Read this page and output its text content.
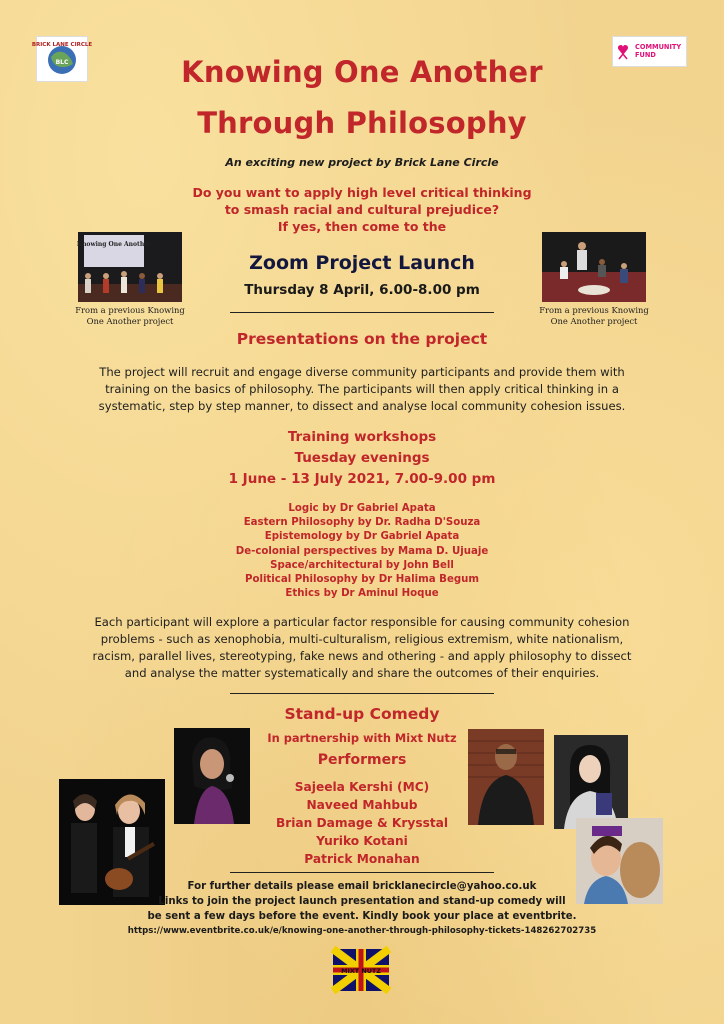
BRICK LANE CIRCLE
BLC
COMMUNITY FUND
Knowing One Another
Through Philosophy
An exciting new project by Brick Lane Circle
Do you want to apply high level critical thinking
to smash racial and cultural prejudice?
If yes, then come to the
Knowing One Another
From a previous Knowing
One Another project
From a previous Knowing
One Another project
Zoom Project Launch
Thursday 8 April, 6.00-8.00 pm
Presentations on the project
The project will recruit and engage diverse community participants and provide them with
training on the basics of philosophy. The participants will then apply critical thinking in a
systematic, step by step manner, to dissect and analyse local community cohesion issues.
Training workshops
Tuesday evenings
1 June - 13 July 2021, 7.00-9.00 pm
Logic by Dr Gabriel Apata
Eastern Philosophy by Dr. Radha D'Souza
Epistemology by Dr Gabriel Apata
De-colonial perspectives by Mama D. Ujuaje
Space/architectural by John Bell
Political Philosophy by Dr Halima Begum
Ethics by Dr Aminul Hoque
Each participant will explore a particular factor responsible for causing community cohesion
problems - such as xenophobia, multi-culturalism, religious extremism, white nationalism,
racism, parallel lives, stereotyping, fake news and othering - and apply philosophy to dissect
and analyse the matter systematically and share the outcomes of their enquiries.
Stand-up Comedy
In partnership with Mixt Nutz
Performers
Sajeela Kershi (MC)
Naveed Mahbub
Brian Damage & Krysstal
Yuriko Kotani
Patrick Monahan
For further details please email bricklanecircle@yahoo.co.uk
Links to join the project launch presentation and stand-up comedy will
be sent a few days before the event. Kindly book your place at eventbrite.
https://www.eventbrite.co.uk/e/knowing-one-another-through-philosophy-tickets-148262702735
MIXT NUTZ
